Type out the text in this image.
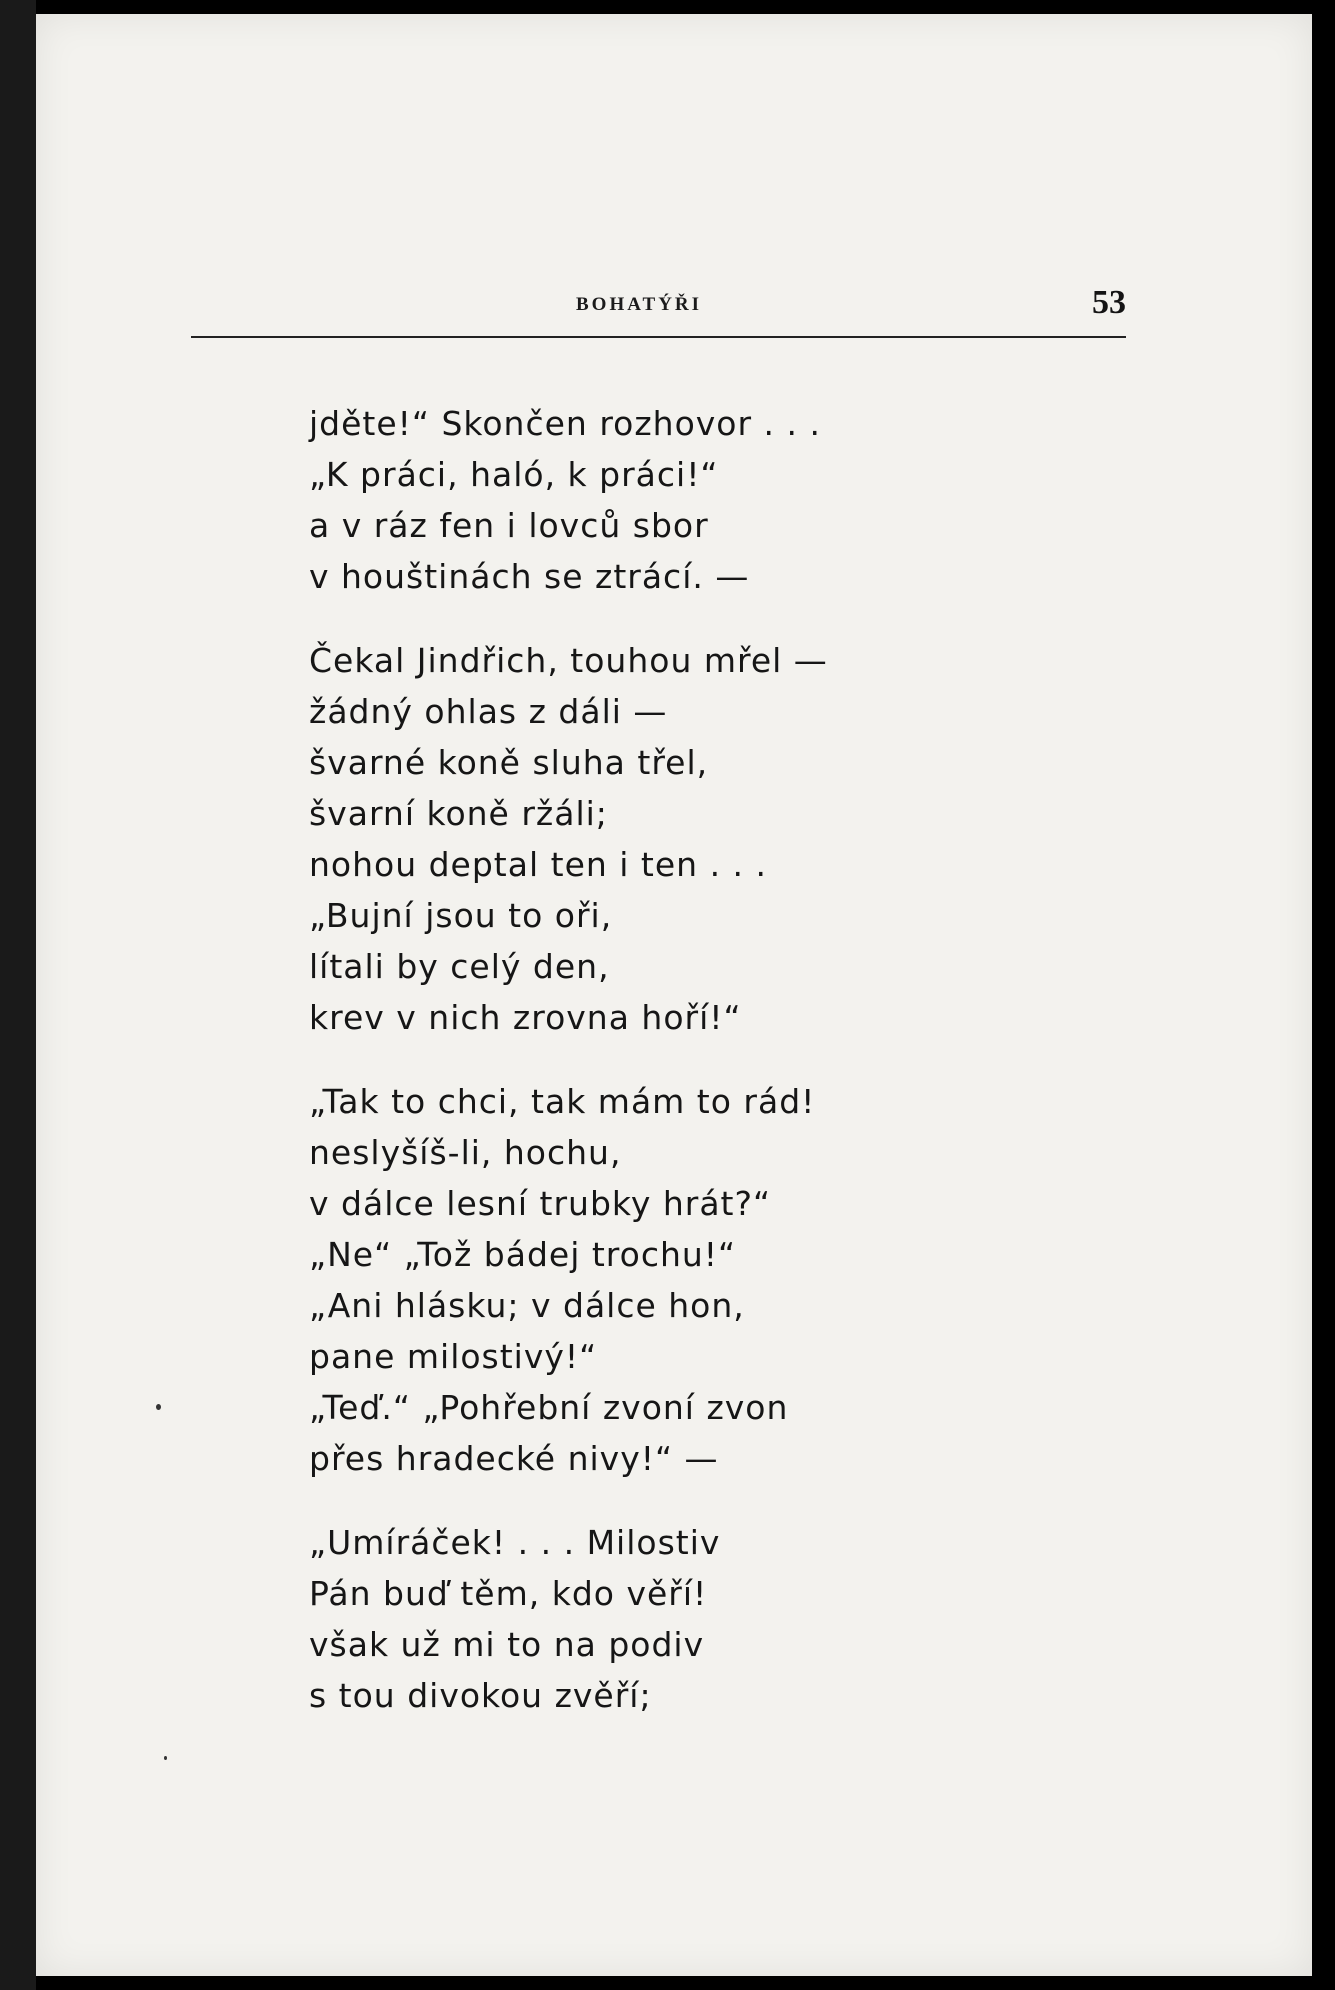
BOHATÝŘI	53
jděte!“ Skončen rozhovor . . .
„K práci, haló, k práci!“
a v ráz fen i lovců sbor
v houštinách se ztrácí. —
Čekal Jindřich, touhou mřel —
žádný ohlas z dáli —
švarné koně sluha třel,
švarní koně ržáli;
nohou deptal ten i ten . . .
„Bujní jsou to oři,
lítali by celý den,
krev v nich zrovna hoří!“
„Tak to chci, tak mám to rád!
neslyšíš-li, hochu,
v dálce lesní trubky hrát?“
„Ne“ „Tož bádej trochu!“
„Ani hlásku; v dálce hon,
pane milostivý!“
„Teď.“ „Pohřební zvoní zvon
přes hradecké nivy!“ —
„Umíráček! . . . Milostiv
Pán buď těm, kdo věří!
však už mi to na podiv
s tou divokou zvěří;
